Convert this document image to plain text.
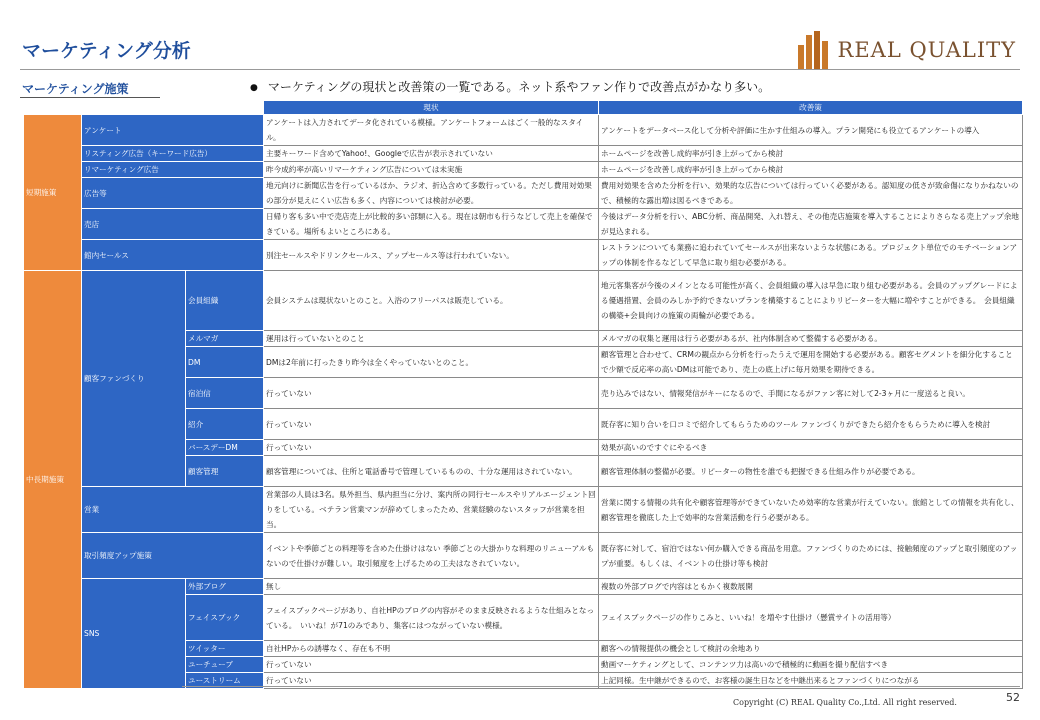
マーケティング分析	REAL QUALITY
マーケティング施策	● マーケティングの現状と改善策の一覧である。ネット系やファン作りで改善点がかなり多い。
			現状	改善策
短期施策	アンケート		アンケートは入力されてデータ化されている模様。アンケートフォームはごく一般的なスタイル。	アンケートをデータベース化して分析や評価に生かす仕組みの導入。プラン開発にも役立てるアンケートの導入
	リスティング広告（キーワード広告）		主要キーワード含めてYahoo!、Googleで広告が表示されていない	ホームページを改善し成約率が引き上がってから検討
	リマーケティング広告		昨今成約率が高いリマーケティング広告については未実施	ホームページを改善し成約率が引き上がってから検討
	広告等		地元向けに新聞広告を行っているほか、ラジオ、折込含めて多数行っている。ただし費用対効果の部分が見えにくい広告も多く、内容については検討が必要。	費用対効果を含めた分析を行い、効果的な広告については行っていく必要がある。認知度の低さが致命傷になりかねないので、積極的な露出増は図るべきである。
	売店		日帰り客も多い中で売店売上が比較的多い部類に入る。現在は朝市も行うなどして売上を確保できている。場所もよいところにある。	今後はデータ分析を行い、ABC分析、商品開発、入れ替え、その他売店施策を導入することによりさらなる売上アップ余地が見込まれる。
	館内セールス		別注セールスやドリンクセールス、アップセールス等は行われていない。	レストランについても業務に追われていてセールスが出来ないような状態にある。プロジェクト単位でのモチベーションアップの体制を作るなどして早急に取り組む必要がある。
中長期施策	顧客ファンづくり	会員組織	会員システムは現状ないとのこと。入浴のフリーパスは販売している。	地元客集客が今後のメインとなる可能性が高く、会員組織の導入は早急に取り組む必要がある。会員のアップグレードによる優遇措置、会員のみしか予約できないプランを構築することによりリピーターを大幅に増やすことができる。　会員組織の構築+会員向けの施策の両輪が必要である。
		メルマガ	運用は行っていないとのこと	メルマガの収集と運用は行う必要があるが、社内体制含めて整備する必要がある。
		DM	DMは2年前に打ったきり昨今は全くやっていないとのこと。	顧客管理と合わせて、CRMの観点から分析を行ったうえで運用を開始する必要がある。顧客セグメントを細分化することで少額で反応率の高いDMは可能であり、売上の底上げに毎月効果を期待できる。
		宿泊信	行っていない	売り込みではない、情報発信がキーになるので、手間になるがファン客に対して2-3ヶ月に一度送ると良い。
		紹介	行っていない	既存客に知り合いを口コミで紹介してもらうためのツール ファンづくりができたら紹介をもらうために導入を検討
		バースデーDM	行っていない	効果が高いのですぐにやるべき
		顧客管理	顧客管理については、住所と電話番号で管理しているものの、十分な運用はされていない。	顧客管理体制の整備が必要。リピーターの物性を誰でも把握できる仕組み作りが必要である。
	営業		営業部の人員は3名。県外担当、県内担当に分け、案内所の同行セールスやリアルエージェント回りをしている。ベテラン営業マンが辞めてしまったため、営業経験のないスタッフが営業を担当。	営業に関する情報の共有化や顧客管理等ができていないため効率的な営業が行えていない。旅館としての情報を共有化し、顧客管理を徹底した上で効率的な営業活動を行う必要がある。
	取引頻度アップ施策		イベントや季節ごとの料理等を含めた仕掛けはない 季節ごとの大掛かりな料理のリニューアルもないので仕掛けが難しい。取引頻度を上げるための工夫はなされていない。	既存客に対して、宿泊ではない何か購入できる商品を用意。ファンづくりのためには、接触頻度のアップと取引頻度のアップが重要。もしくは、イベントの仕掛け等も検討
	SNS	外部ブログ	無し	複数の外部ブログで内容はともかく複数展開
		フェイスブック	フェイスブックページがあり、自社HPのブログの内容がそのまま反映されるような仕組みとなっている。　いいね！が71のみであり、集客にはつながっていない模様。	フェイスブックページの作りこみと、いいね！を増やす仕掛け（懸賞サイトの活用等）
		ツイッター	自社HPからの誘導なく、存在も不明	顧客への情報提供の機会として検討の余地あり
		ユーチューブ	行っていない	動画マーケティングとして、コンテンツ力は高いので積極的に動画を撮り配信すべき
		ユーストリーム	行っていない	上記同様。生中継ができるので、お客様の誕生日などを中継出来るとファンづくりにつながる
Copyright (C) REAL Quality Co.,Ltd. All right reserved.	52
